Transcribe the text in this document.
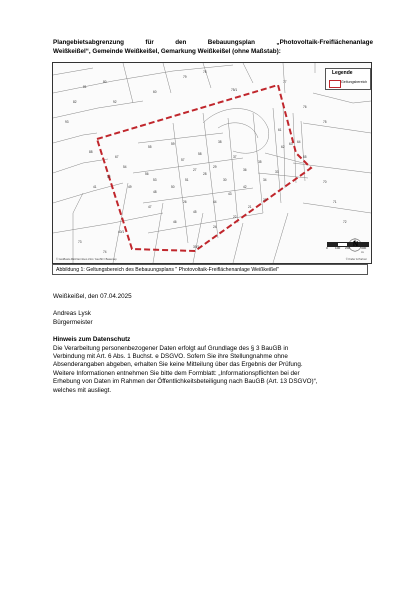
Plangebietsabgrenzung für den Bebauungsplan „Photovoltaik-Freiflächenanlage

Weißkeißel“, Gemeinde Weißkeißel, Gemarkung Weißkeißel (ohne Maßstab):
93
75/1
92
60
88
67
55
59
54
56
52
53
57
58
49
48
50
51
47
46
45
44
43
42
41
40/1
39/1
38
37
36
35
34
33
62
63 64
65
61
30
29
28
27
26
24
22
21
20
82
81
80
79
78
77
76
75
70
71
72
73
74
Legende
Geltungsbereich
0 100 200	300 m
N
© GeoBasis-DE/LVermGeo LSA / GeoSN / Basemap	© Kiefer & Partner
Abbildung 1: Geltungsbereich des Bebauungsplans " Photovoltaik-Freiflächenanlage Weißkeißel"
Weißkeißel, den 07.04.2025
Andreas Lysk
Bürgermeister
Hinweis zum Datenschutz
Die Verarbeitung personenbezogener Daten erfolgt auf Grundlage des § 3 BauGB in
Verbindung mit Art. 6 Abs. 1 Buchst. e DSGVO. Sofern Sie ihre Stellungnahme ohne
Absenderangaben abgeben, erhalten Sie keine Mitteilung über das Ergebnis der Prüfung.
Weitere Informationen entnehmen Sie bitte dem Formblatt: „Informationspflichten bei der
Erhebung von Daten im Rahmen der Öffentlichkeitsbeteiligung nach BauGB (Art. 13 DSGVO)“,
welches mit ausliegt.
